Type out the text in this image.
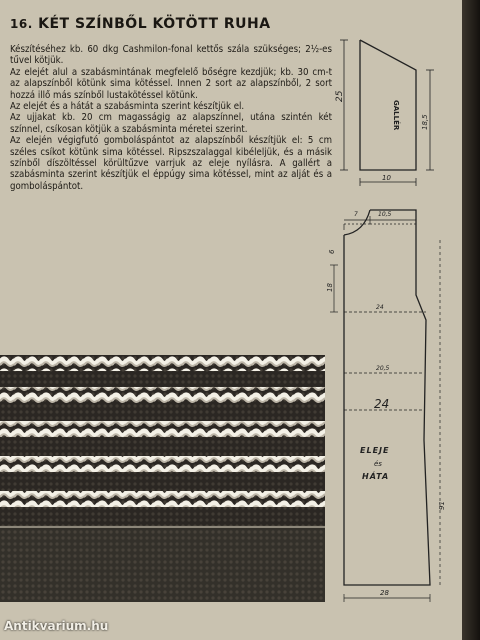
16. KÉT SZÍNBŐL KÖTÖTT RUHA

Készítéséhez kb. 60 dkg Cashmilon-fonal kettős szála szükséges; 2½-es tűvel kötjük.

Az elejét alul a szabásmintának megfelelő bőségre kezdjük; kb. 30 cm-t az alapszínből kötünk sima kötéssel. Innen 2 sort az alapszínből, 2 sort hozzá illő más színből lustakötéssel kötünk.

Az elejét és a hátát a szabásminta szerint készítjük el.

Az ujjakat kb. 20 cm magasságig az alapszínnel, utána szintén két színnel, csíkosan kötjük a szabásminta méretei szerint.

Az elején végigfutó gomboláspántot az alapszínből készítjük el: 5 cm széles csíkot kötünk sima kötéssel. Ripszszalaggal kibéleljük, és a másik színből díszöltéssel körültűzve varrjuk az eleje nyílásra. A gallért a szabásminta szerint készítjük el éppúgy sima kötéssel, mint az alját és a gomboláspántot.

25
GALLÉR	18,5
10
7	10,5
6
18
24
20,5
24
ELEJE
és
HÁTA
91
28
Antikvarium.hu
